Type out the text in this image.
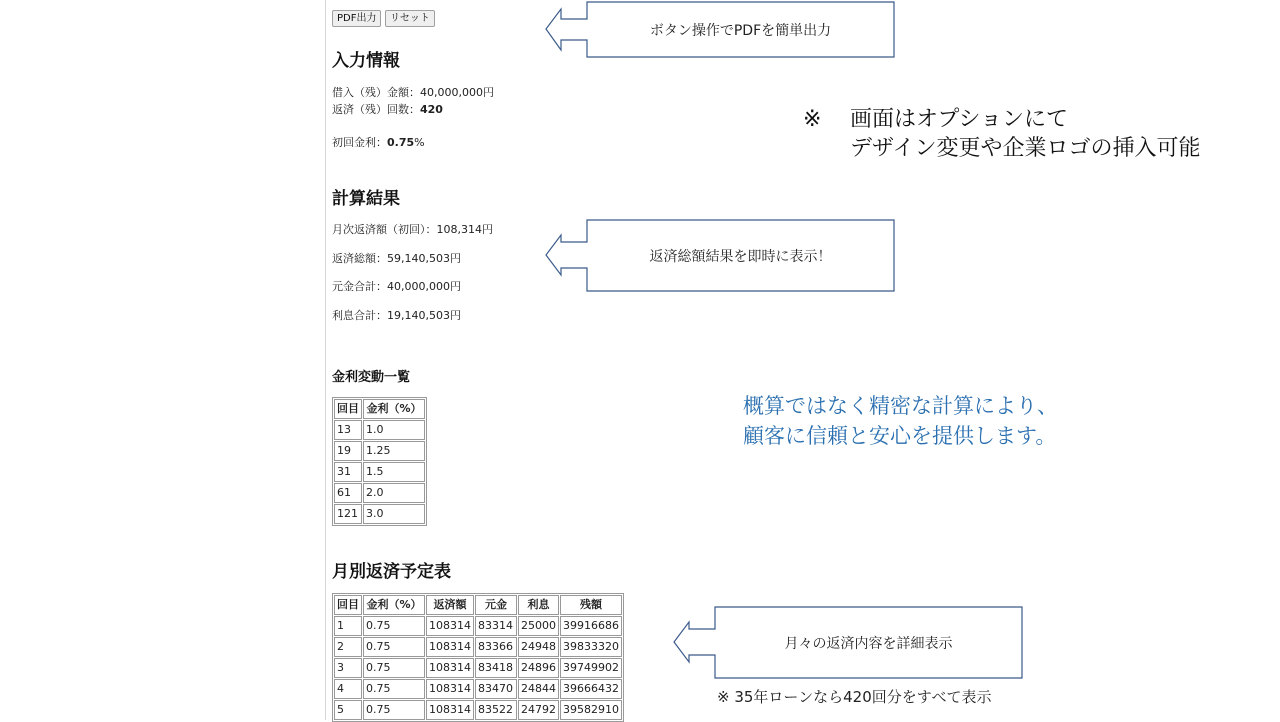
PDF出力	リセット
入力情報
借入（残）金額：40,000,000円
返済（残）回数：420
初回金利：0.75%
計算結果
月次返済額（初回）：108,314円
返済総額：59,140,503円
元金合計：40,000,000円
利息合計：19,140,503円
金利変動一覧
回目	金利（%）
13	1.0
19	1.25
31	1.5
61	2.0
121	3.0
月別返済予定表
回目	金利（%）	返済額	元金	利息	残額
1	0.75	108314	83314	25000	39916686
2	0.75	108314	83366	24948	39833320
3	0.75	108314	83418	24896	39749902
4	0.75	108314	83470	24844	39666432
5	0.75	108314	83522	24792	39582910
ボタン操作でPDFを簡単出力
返済総額結果を即時に表示！
月々の返済内容を詳細表示
※ 画面はオプションにて
デザイン変更や企業ロゴの挿入可能
概算ではなく精密な計算により、
顧客に信頼と安心を提供します。
※ 35年ローンなら420回分をすべて表示
